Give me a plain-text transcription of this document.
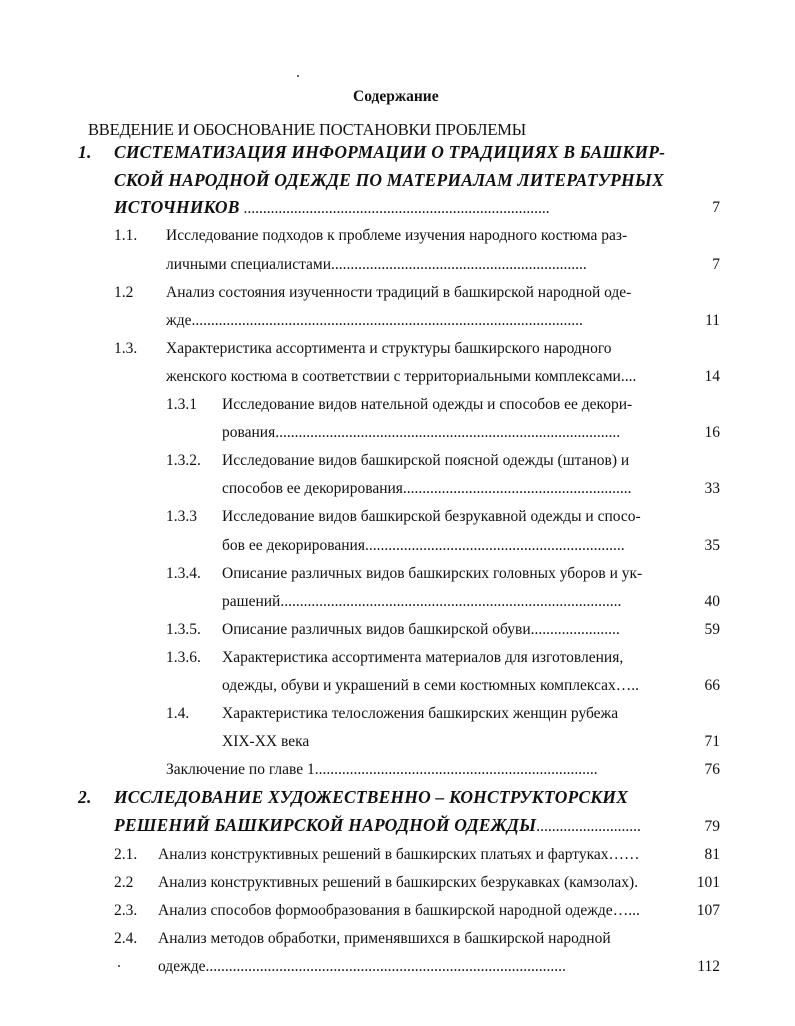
Содержание
ВВЕДЕНИЕ И ОБОСНОВАНИЕ ПОСТАНОВКИ ПРОБЛЕМЫ
1. СИСТЕМАТИЗАЦИЯ ИНФОРМАЦИИ О ТРАДИЦИЯХ В БАШКИР-
СКОЙ НАРОДНОЙ ОДЕЖДЕ ПО МАТЕРИАЛАМ ЛИТЕРАТУРНЫХ
ИСТОЧНИКОВ ...............................................................................	7
1.1. Исследование подходов к проблеме изучения народного костюма раз-
личными специалистами..................................................................	7
1.2 Анализ состояния изученности традиций в башкирской народной оде-
жде.....................................................................................................	11
1.3. Характеристика ассортимента и структуры башкирского народного
женского костюма в соответствии с территориальными комплексами....	14
1.3.1 Исследование видов нательной одежды и способов ее декори-
рования.........................................................................................	16
1.3.2. Исследование видов башкирской поясной одежды (штанов) и
способов ее декорирования...........................................................	33
1.3.3 Исследование видов башкирской безрукавной одежды и спосо-
бов ее декорирования...................................................................	35
1.3.4. Описание различных видов башкирских головных уборов и ук-
рашений........................................................................................	40
1.3.5. Описание различных видов башкирской обуви.......................	59
1.3.6. Характеристика ассортимента материалов для изготовления,
одежды, обуви и украшений в семи костюмных комплексах…..	66
1.4. Характеристика телосложения башкирских женщин рубежа
XIX-XX века	71
Заключение по главе 1.........................................................................	76
2. ИССЛЕДОВАНИЕ ХУДОЖЕСТВЕННО – КОНСТРУКТОРСКИХ
РЕШЕНИЙ БАШКИРСКОЙ НАРОДНОЙ ОДЕЖДЫ...........................	79
2.1. Анализ конструктивных решений в башкирских платьях и фартуках……	81
2.2 Анализ конструктивных решений в башкирских безрукавках (камзолах).	101
2.3. Анализ способов формообразования в башкирской народной одежде…...	107
2.4. Анализ методов обработки, применявшихся в башкирской народной
одежде.............................................................................................	112
